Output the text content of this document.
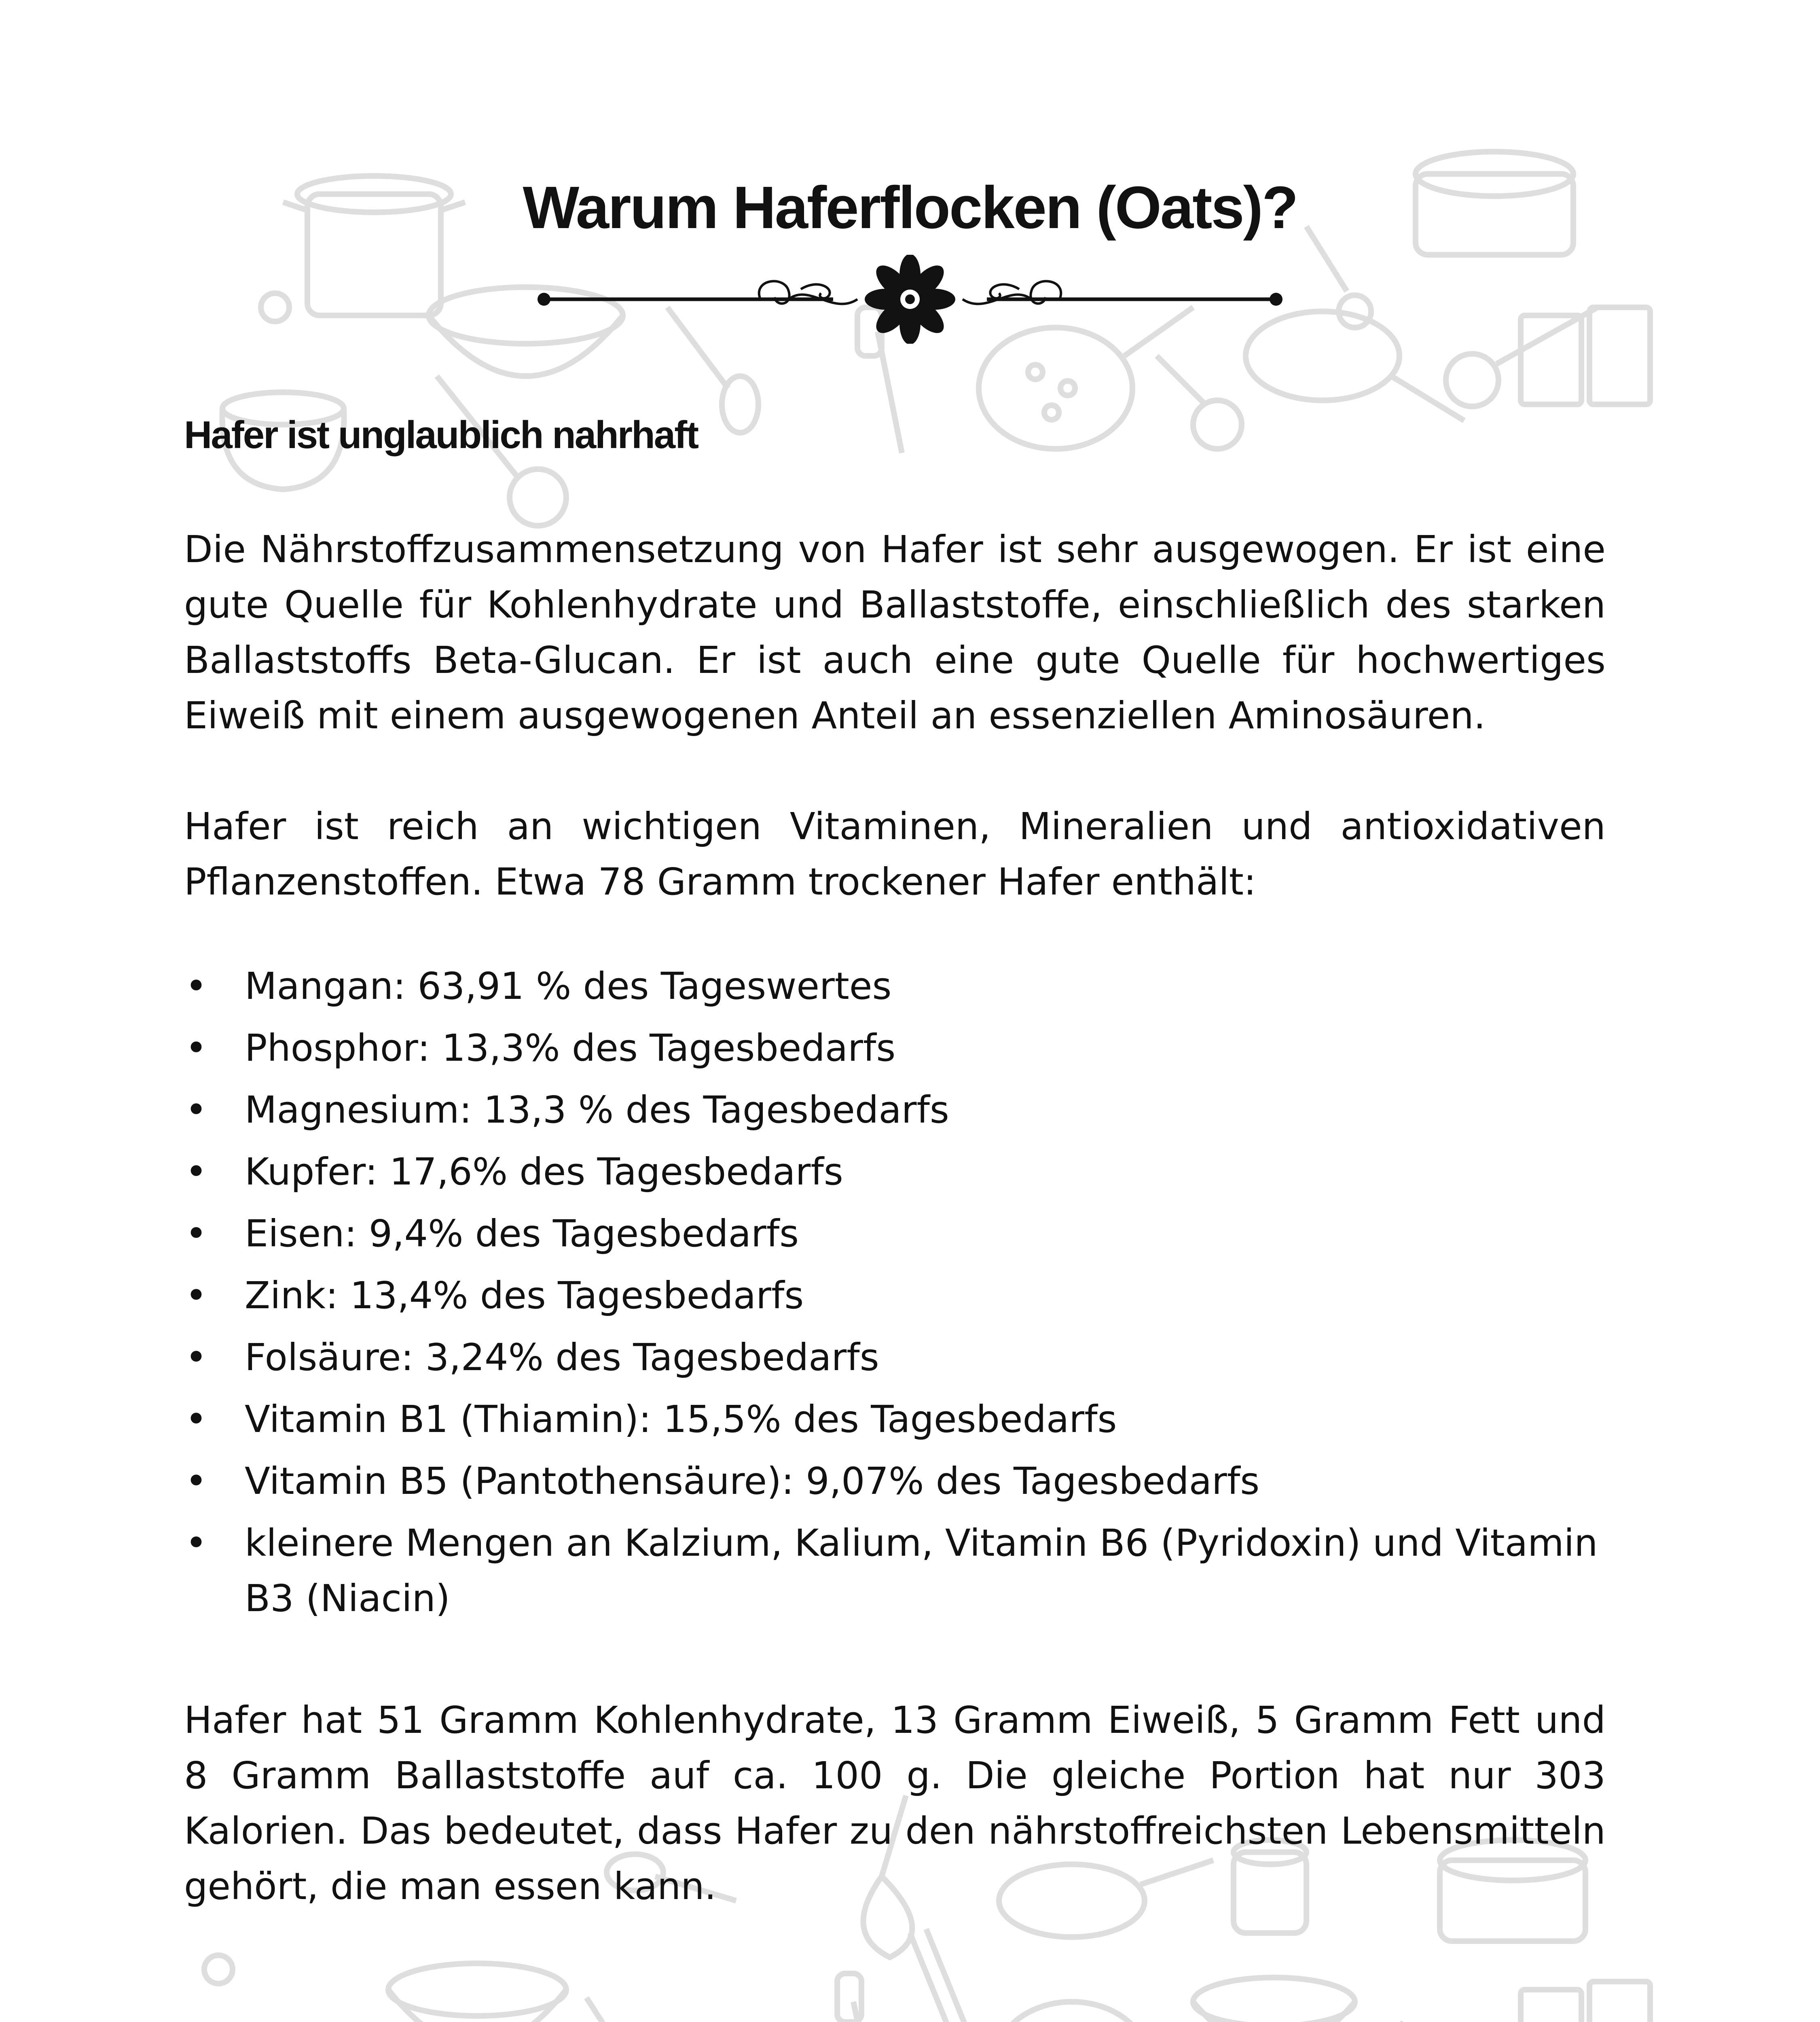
Warum Haferflocken (Oats)?
Hafer ist unglaublich nahrhaft

Die Nährstoffzusammensetzung von Hafer ist sehr ausgewogen. Er ist eine gute Quelle für Kohlenhydrate und Ballaststoffe, einschließlich des starken Ballaststoffs Beta-Glucan. Er ist auch eine gute Quelle für hochwertiges Eiweiß mit einem ausgewogenen Anteil an essenziellen Aminosäuren.

Hafer ist reich an wichtigen Vitaminen, Mineralien und antioxidativen Pflanzenstoffen. Etwa 78 Gramm trockener Hafer enthält:

• Mangan: 63,91 % des Tageswertes
• Phosphor: 13,3% des Tagesbedarfs
• Magnesium: 13,3 % des Tagesbedarfs
• Kupfer: 17,6% des Tagesbedarfs
• Eisen: 9,4% des Tagesbedarfs
• Zink: 13,4% des Tagesbedarfs
• Folsäure: 3,24% des Tagesbedarfs
• Vitamin B1 (Thiamin): 15,5% des Tagesbedarfs
• Vitamin B5 (Pantothensäure): 9,07% des Tagesbedarfs
• kleinere Mengen an Kalzium, Kalium, Vitamin B6 (Pyridoxin) und Vitamin B3 (Niacin)

Hafer hat 51 Gramm Kohlenhydrate, 13 Gramm Eiweiß, 5 Gramm Fett und 8 Gramm Ballaststoffe auf ca. 100 g. Die gleiche Portion hat nur 303 Kalorien. Das bedeutet, dass Hafer zu den nährstoffreichsten Lebensmitteln gehört, die man essen kann.
